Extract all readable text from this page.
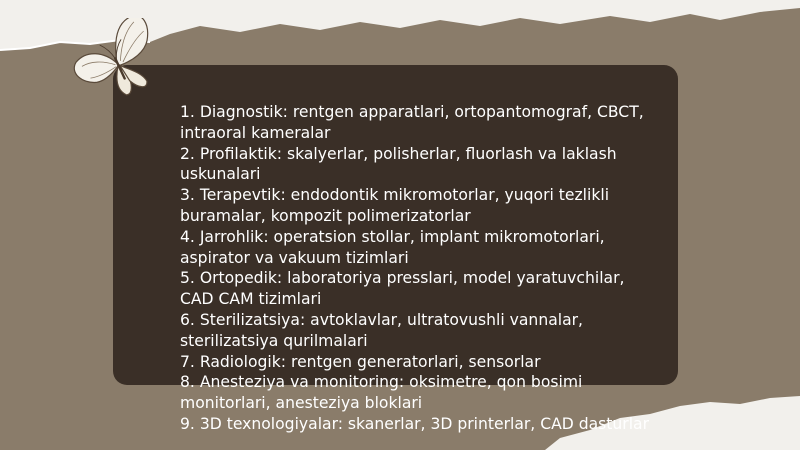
1. Diagnostik: rentgen apparatlari, ortopantomograf, CBCT, intraoral kameralar
2. Profilaktik: skalyerlar, polisherlar, fluorlash va laklash uskunalari
3. Terapevtik: endodontik mikromotorlar, yuqori tezlikli buramalar, kompozit polimerizatorlar
4. Jarrohlik: operatsion stollar, implant mikromotorlari, aspirator va vakuum tizimlari
5. Ortopedik: laboratoriya presslari, model yaratuvchilar, CAD CAM tizimlari
6. Sterilizatsiya: avtoklavlar, ultratovushli vannalar, sterilizatsiya qurilmalari
7. Radiologik: rentgen generatorlari, sensorlar
8. Anesteziya va monitoring: oksimetre, qon bosimi monitorlari, anesteziya bloklari
9. 3D texnologiyalar: skanerlar, 3D printerlar, CAD dasturlar
